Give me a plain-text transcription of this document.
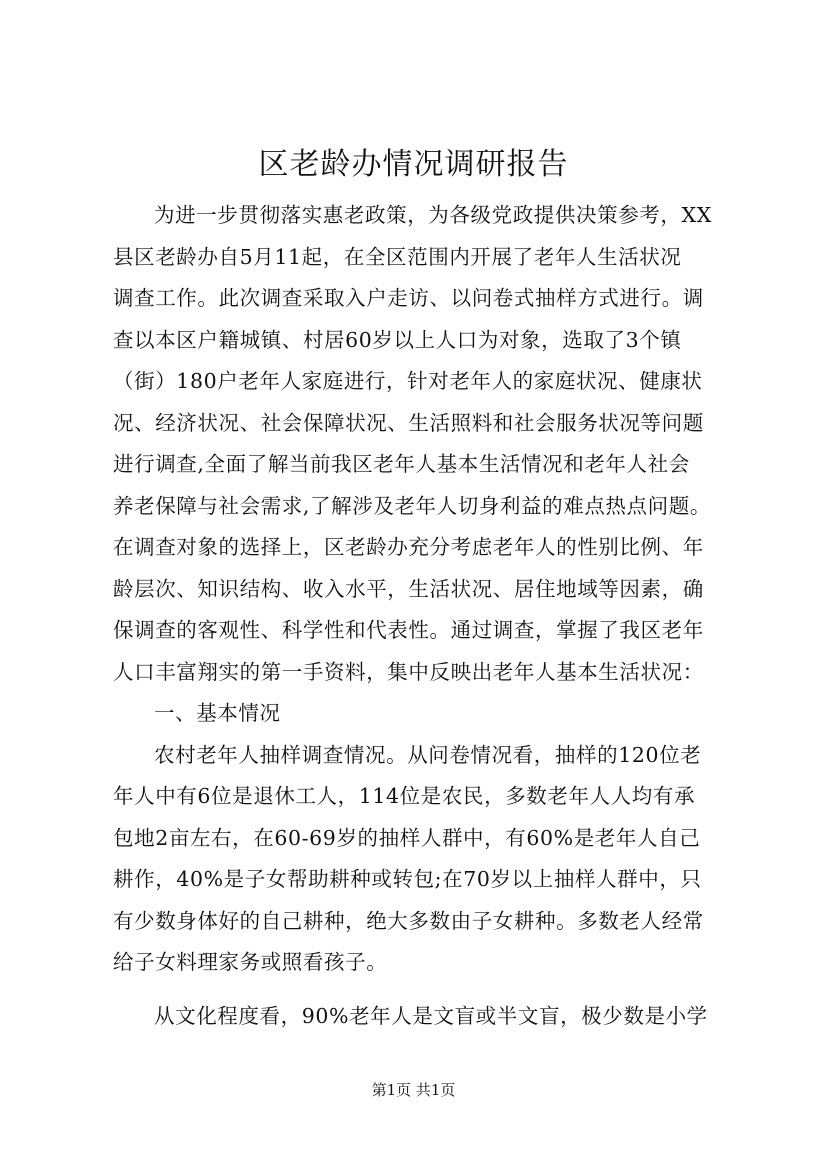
区老龄办情况调研报告
为进一步贯彻落实惠老政策，为各级党政提供决策参考，XX
县区老龄办自5月11起，在全区范围内开展了老年人生活状况
调查工作。此次调查采取入户走访、以问卷式抽样方式进行。调
查以本区户籍城镇、村居60岁以上人口为对象，选取了3个镇
（街）180户老年人家庭进行，针对老年人的家庭状况、健康状
况、经济状况、社会保障状况、生活照料和社会服务状况等问题
进行调查,全面了解当前我区老年人基本生活情况和老年人社会
养老保障与社会需求,了解涉及老年人切身利益的难点热点问题。
在调查对象的选择上，区老龄办充分考虑老年人的性别比例、年
龄层次、知识结构、收入水平，生活状况、居住地域等因素，确
保调查的客观性、科学性和代表性。通过调查，掌握了我区老年
人口丰富翔实的第一手资料，集中反映出老年人基本生活状况：
一、基本情况
农村老年人抽样调查情况。从问卷情况看，抽样的120位老
年人中有6位是退休工人，114位是农民，多数老年人人均有承
包地2亩左右，在60-69岁的抽样人群中，有60%是老年人自己
耕作，40%是子女帮助耕种或转包;在70岁以上抽样人群中，只
有少数身体好的自己耕种，绝大多数由子女耕种。多数老人经常
给子女料理家务或照看孩子。
从文化程度看，90%老年人是文盲或半文盲，极少数是小学
第1页 共1页
